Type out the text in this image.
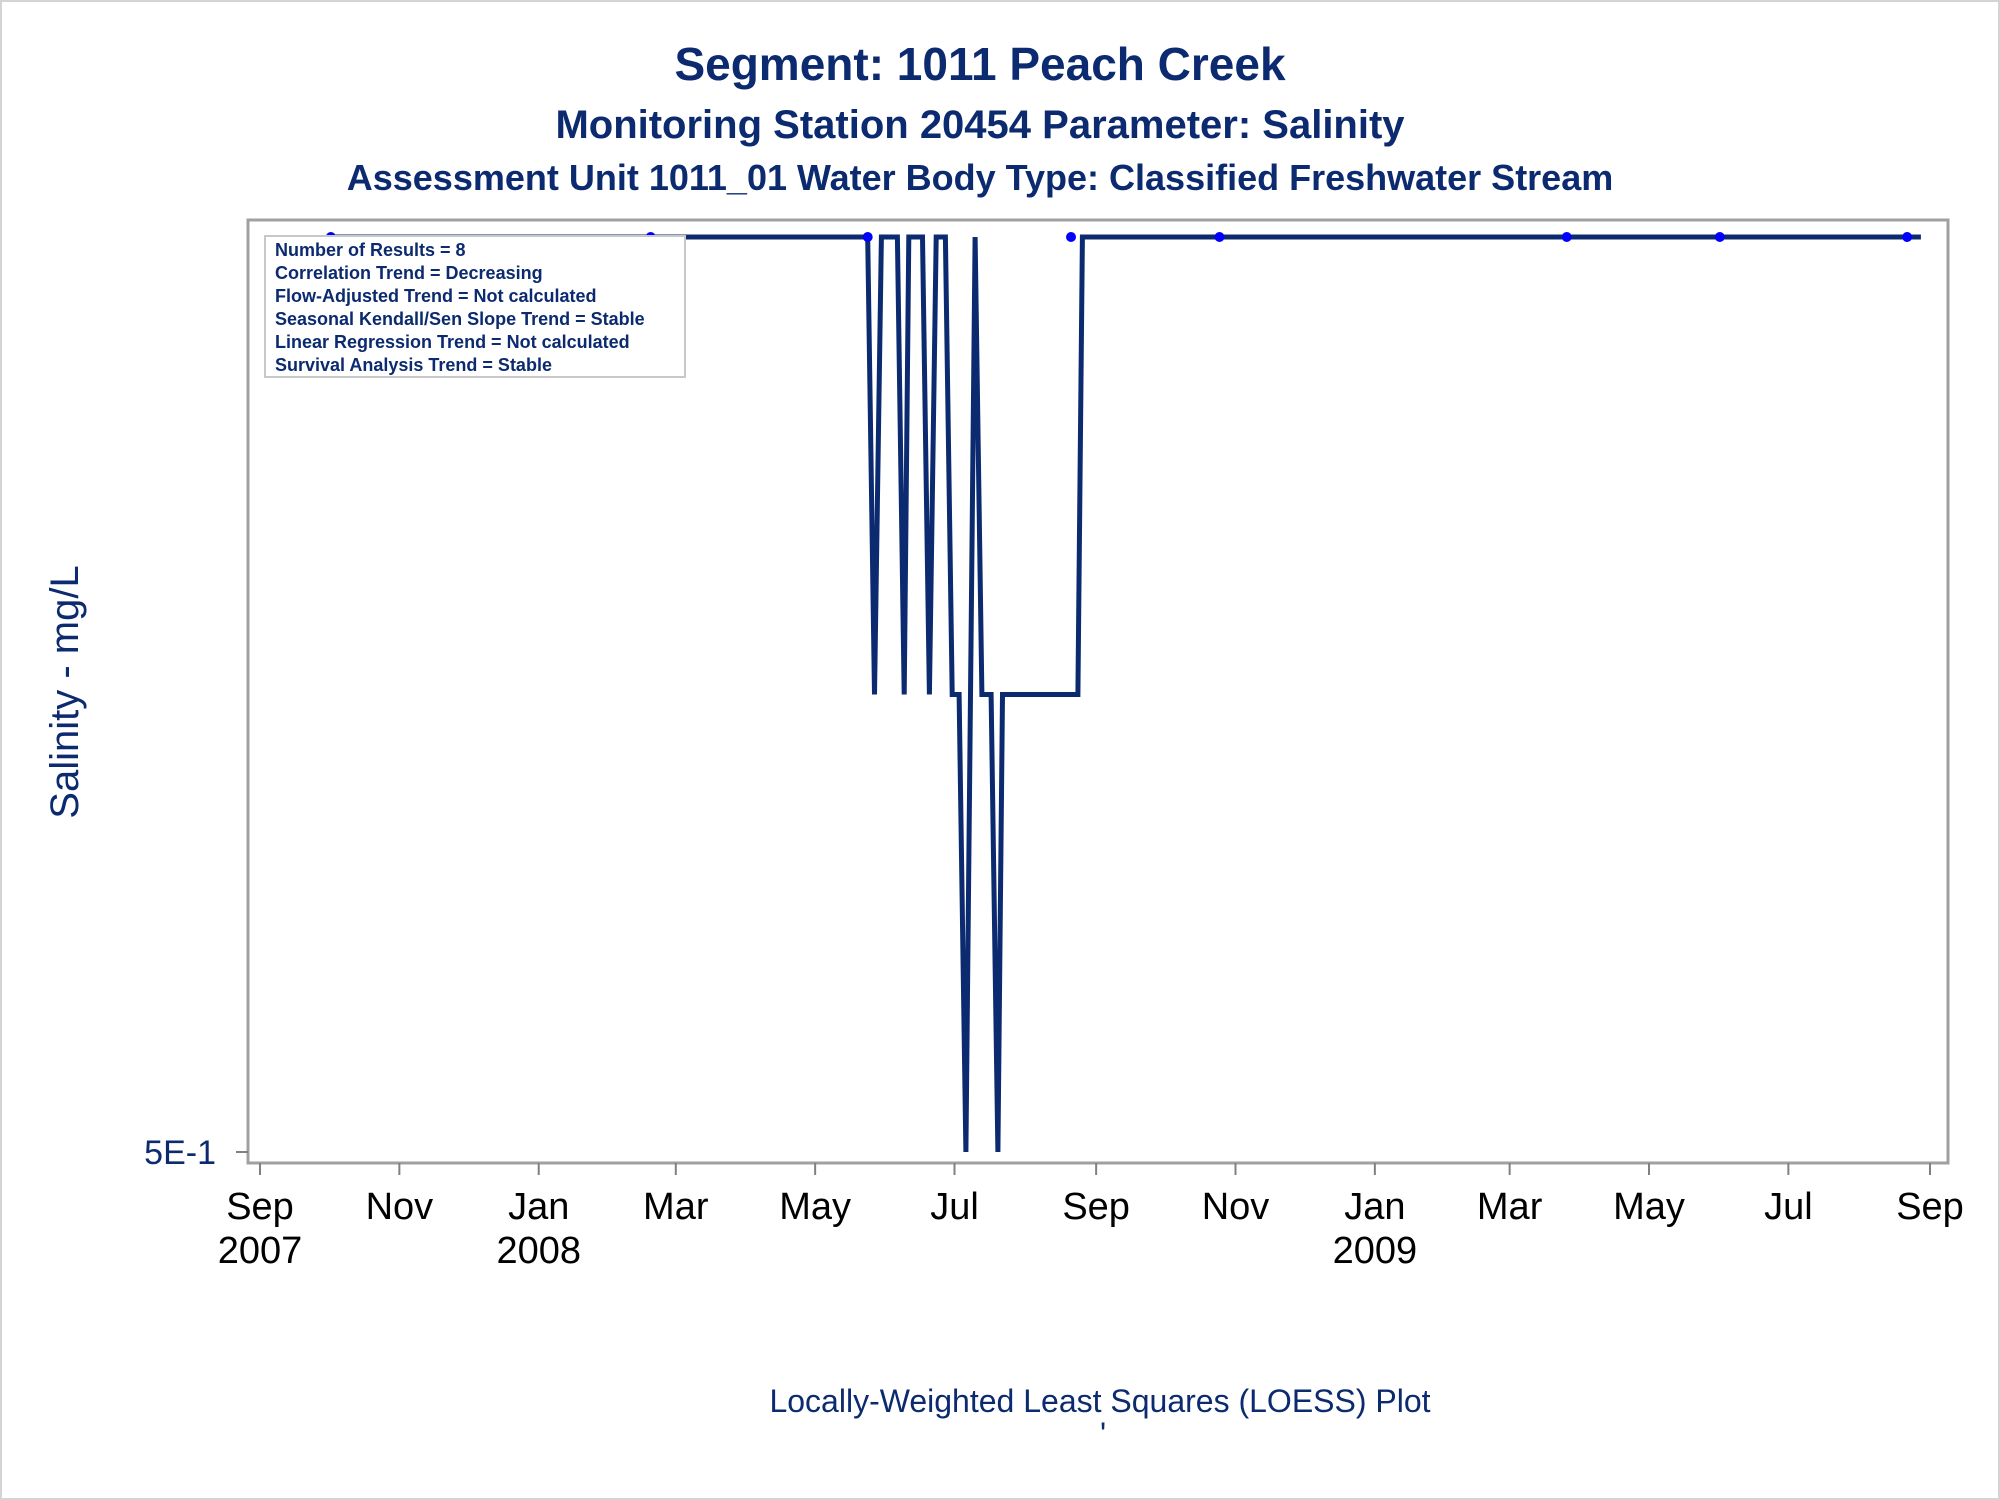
Segment: 1011 Peach Creek
Monitoring Station 20454 Parameter: Salinity
Assessment Unit 1011_01 Water Body Type: Classified Freshwater Stream
Sep
2007
Nov Jan
2008
Mar May Jul Sep Nov Jan
2009
Mar May Jul Sep
5E-1
Salinity - mg/L
Number of Results = 8
Correlation Trend = Decreasing
Flow-Adjusted Trend = Not calculated
Seasonal Kendall/Sen Slope Trend = Stable
Linear Regression Trend = Not calculated
Survival Analysis Trend = Stable
Locally-Weighted Least Squares (LOESS) Plot
'
